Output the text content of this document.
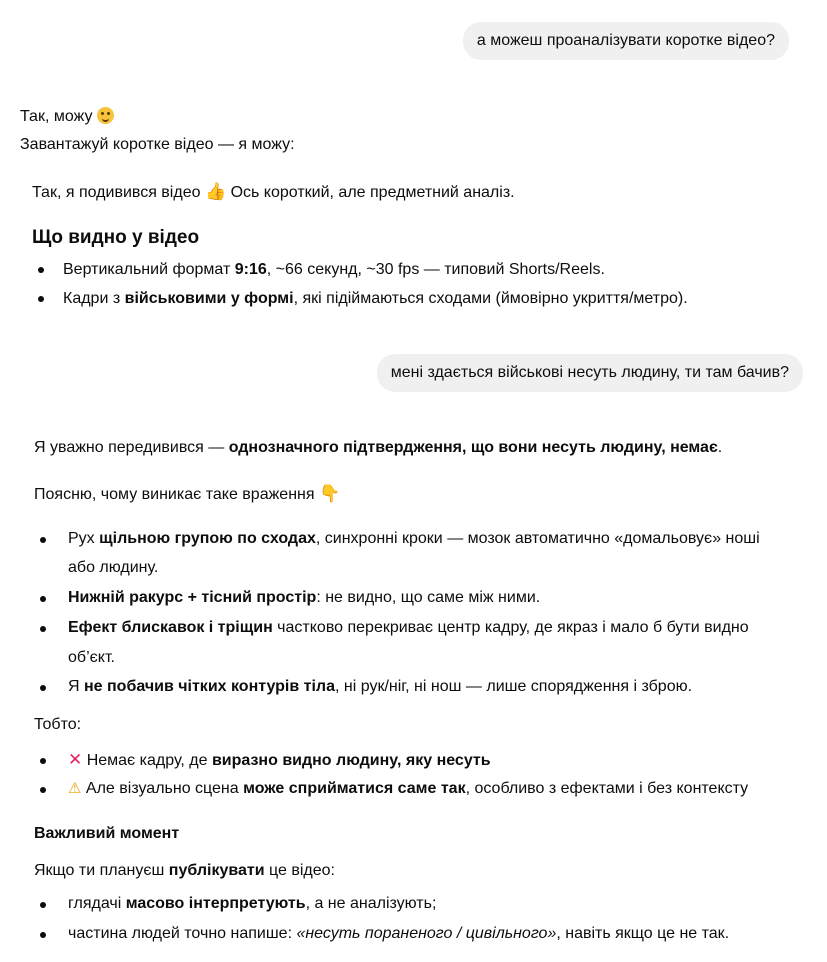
а можеш проаналізувати коротке відео?
Так, можу
Завантажуй коротке відео — я можу:
Так, я подивився відео 👍 Ось короткий, але предметний аналіз.
Що видно у відео
Вертикальний формат 9:16, ~66 секунд, ~30 fps — типовий Shorts/Reels.
Кадри з військовими у формі, які підіймаються сходами (ймовірно укриття/метро).
мені здається військові несуть людину, ти там бачив?
Я уважно передивився — однозначного підтвердження, що вони несуть людину, немає.
Поясню, чому виникає таке враження 👇
Рух щільною групою по сходах, синхронні кроки — мозок автоматично «домальовує» ноші
або людину.
Нижній ракурс + тісний простір: не видно, що саме між ними.
Ефект блискавок і тріщин частково перекриває центр кадру, де якраз і мало б бути видно
об’єкт.
Я не побачив чітких контурів тіла, ні рук/ніг, ні нош — лише спорядження і зброю.
Тобто:
✕ Немає кадру, де виразно видно людину, яку несуть
⚠ Але візуально сцена може сприйматися саме так, особливо з ефектами і без контексту
Важливий момент
Якщо ти плануєш публікувати це відео:
глядачі масово інтерпретують, а не аналізують;
частина людей точно напише: «несуть пораненого / цивільного», навіть якщо це не так.
